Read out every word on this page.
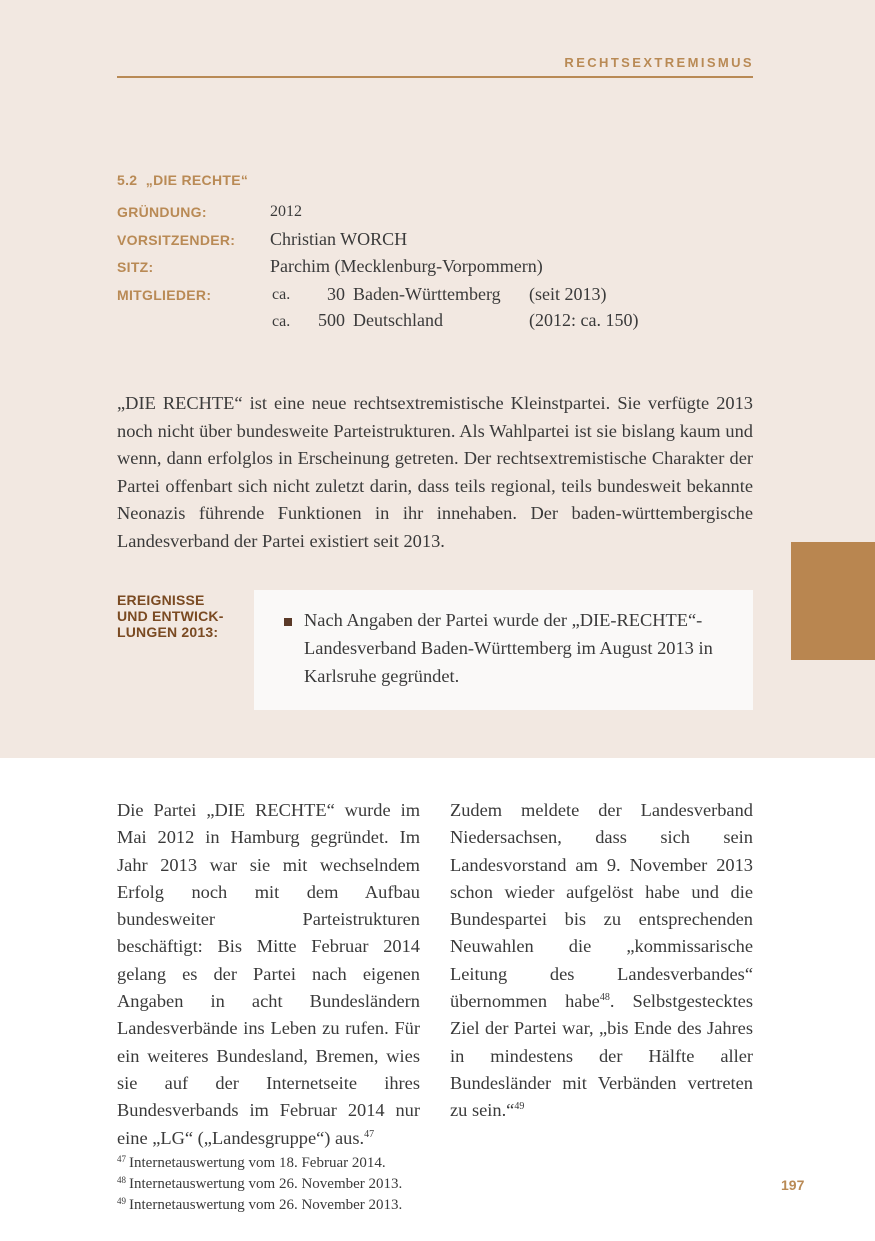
RECHTSEXTREMISMUS
5.2 „DIE RECHTE“
GRÜNDUNG:	2012
VORSITZENDER: Christian WORCH
SITZ:	Parchim (Mecklenburg-Vorpommern)
MITGLIEDER:	ca. 30 Baden-Württemberg (seit 2013)
ca. 500 Deutschland	(2012: ca. 150)
„DIE RECHTE“ ist eine neue rechtsextremistische Kleinstpartei. Sie verfügte 2013 noch nicht über bundesweite Parteistrukturen. Als Wahlpartei ist sie bislang kaum und wenn, dann erfolglos in Erscheinung getreten. Der rechtsextremistische Charakter der Partei offenbart sich nicht zuletzt darin, dass teils regional, teils bundesweit bekannte Neonazis führende Funktionen in ihr innehaben. Der baden-württembergische Landesverband der Partei existiert seit 2013.
EREIGNISSE
UND ENTWICK-
LUNGEN 2013:
Nach Angaben der Partei wurde der „DIE-RECHTE“-Landesverband Baden-Württemberg im August 2013 in Karlsruhe gegründet.
Die Partei „DIE RECHTE“ wurde im Mai 2012 in Hamburg gegründet. Im Jahr 2013 war sie mit wechselndem Erfolg noch mit dem Aufbau bundesweiter Parteistrukturen beschäftigt: Bis Mitte Februar 2014 gelang es der Partei nach eigenen Angaben in acht Bundesländern Landesverbände ins Leben zu rufen. Für ein weiteres Bundesland, Bremen, wies sie auf der Internetseite ihres Bundesverbands im Februar 2014 nur eine „LG“ („Landesgruppe“) aus.$^{47}$
Zudem meldete der Landesverband Niedersachsen, dass sich sein Landesvorstand am 9. November 2013 schon wieder aufgelöst habe und die Bundespartei bis zu entsprechenden Neuwahlen die „kommissarische Leitung des Landesverbandes“ übernommen habe$^{48}$. Selbstgestecktes Ziel der Partei war, „bis Ende des Jahres in mindestens der Hälfte aller Bundesländer mit Verbänden vertreten zu sein.“$^{49}$
$^{47}$ Internetauswertung vom 18. Februar 2014.
$^{48}$ Internetauswertung vom 26. November 2013.
$^{49}$ Internetauswertung vom 26. November 2013.
197
